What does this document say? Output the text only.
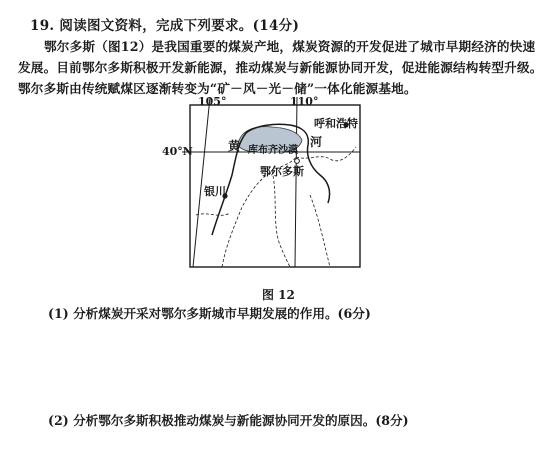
19. 阅读图文资料，完成下列要求。(14分)
鄂尔多斯（图12）是我国重要的煤炭产地，煤炭资源的开发促进了城市早期经济的快速发展。目前鄂尔多斯积极开发新能源，推动煤炭与新能源协同开发，促进能源结构转型升级。鄂尔多斯由传统赋煤区逐渐转变为“矿－风－光－储”一体化能源基地。
105°	110°
40°N	黄	河
呼和浩特
库布齐沙漠
鄂尔多斯
银川
图 12
(1) 分析煤炭开采对鄂尔多斯城市早期发展的作用。(6分)
(2) 分析鄂尔多斯积极推动煤炭与新能源协同开发的原因。(8分)
